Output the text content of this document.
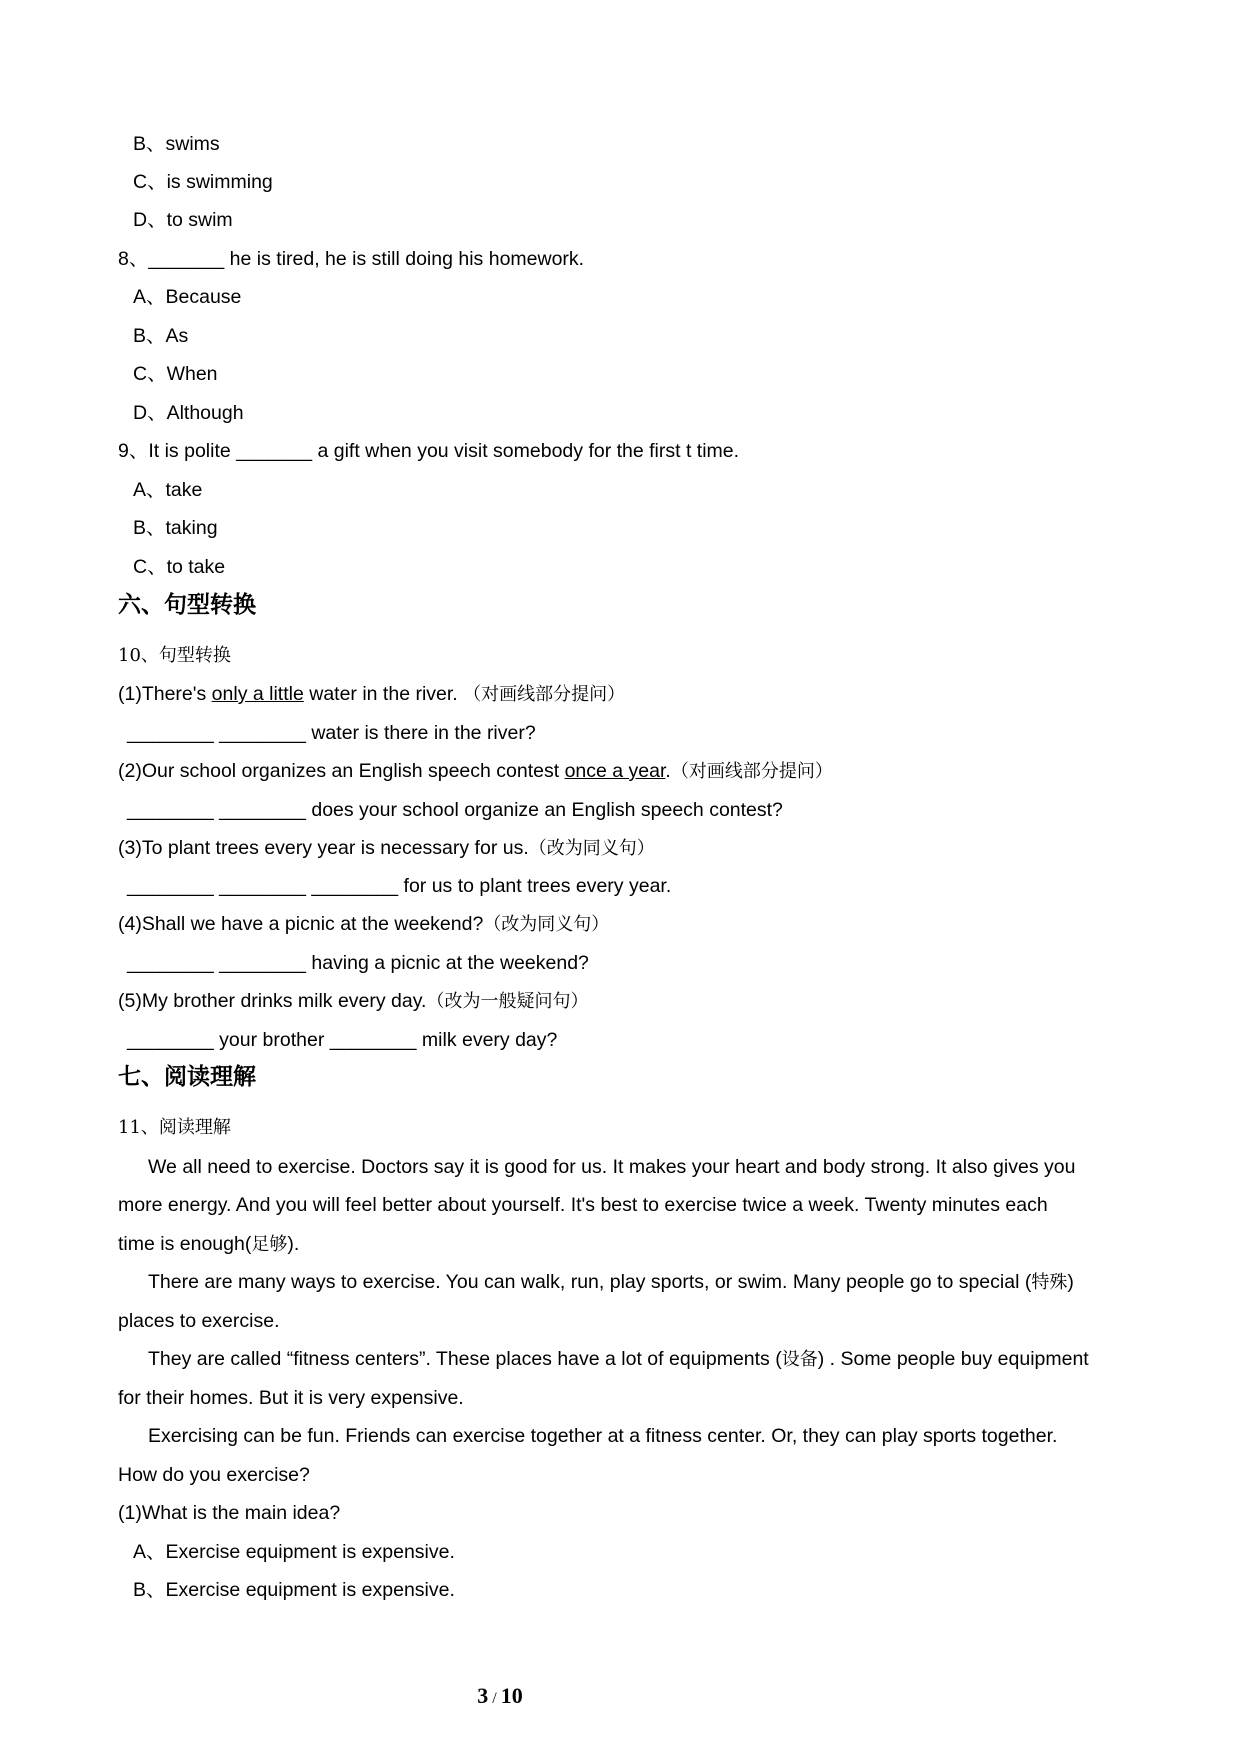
B、swims
C、is swimming
D、to swim
8、_______ he is tired, he is still doing his homework.
A、Because
B、As
C、When
D、Although
9、It is polite _______ a gift when you visit somebody for the first t time.
A、take
B、taking
C、to take
六、句型转换
10、句型转换
(1)There's only a little water in the river. （对画线部分提问）
________ ________ water is there in the river?
(2)Our school organizes an English speech contest once a year.（对画线部分提问）
________ ________ does your school organize an English speech contest?
(3)To plant trees every year is necessary for us.（改为同义句）
________ ________ ________ for us to plant trees every year.
(4)Shall we have a picnic at the weekend?（改为同义句）
________ ________ having a picnic at the weekend?
(5)My brother drinks milk every day.（改为一般疑问句）
________ your brother ________ milk every day?
七、阅读理解
11、阅读理解
We all need to exercise. Doctors say it is good for us. It makes your heart and body strong. It also gives you
more energy. And you will feel better about yourself. It's best to exercise twice a week. Twenty minutes each
time is enough(足够).
There are many ways to exercise. You can walk, run, play sports, or swim. Many people go to special (特殊)
places to exercise.
They are called “fitness centers”. These places have a lot of equipments (设备) . Some people buy equipment
for their homes. But it is very expensive.
Exercising can be fun. Friends can exercise together at a fitness center. Or, they can play sports together.
How do you exercise?
(1)What is the main idea?
A、Exercise equipment is expensive.
B、Exercise equipment is expensive.
3 / 10
